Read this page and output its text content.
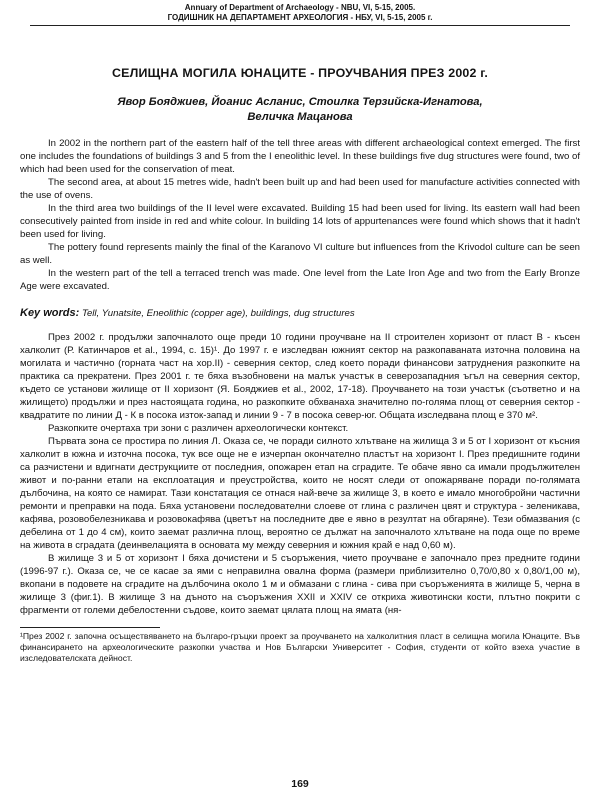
Annuary of Department of Archaeology - NBU, VI, 5-15, 2005.
ГОДИШНИК НА ДЕПАРТАМЕНТ АРХЕОЛОГИЯ - НБУ, VI, 5-15, 2005 г.
СЕЛИЩНА МОГИЛА ЮНАЦИТЕ - ПРОУЧВАНИЯ ПРЕЗ 2002 г.
Явор Бояджиев, Йоанис Асланис, Стоилка Терзийска-Игнатова,
Величка Мацанова

In 2002 in the northern part of the eastern half of the tell three areas with different archaeological context emerged. The first one includes the foundations of buildings 3 and 5 from the I eneolithic level. In these buildings five dug structures were found, two of which had been used for the conservation of meat.

The second area, at about 15 metres wide, hadn't been built up and had been used for manufacture activities connected with the use of ovens.

In the third area two buildings of the II level were excavated. Building 15 had been used for living. Its eastern wall had been consecutively painted from inside in red and white colour. In building 14 lots of appurtenances were found which shows that it hadn't been used for living.

The pottery found represents mainly the final of the Karanovo VI culture but influences from the Krivodol culture can be seen as well.

In the western part of the tell a terraced trench was made. One level from the Late Iron Age and two from the Early Bronze Age were excavated.

Key words: Tell, Yunatsite, Eneolithic (copper age), buildings, dug structures

През 2002 г. продължи започналото още преди 10 години проучване на II строителен хоризонт от пласт В - късен халколит (Р. Катинчаров et al., 1994, с. 15)¹. До 1997 г. е изследван южният сектор на разкопаваната източна половина на могилата и частично (горната част на хор.II) - северния сектор, след което поради финансови затруднения разкопките на практика са прекратени. През 2001 г. те бяха възобновени на малък участък в северозападния ъгъл на северния сектор, където се установи жилище от II хоризонт (Я. Бояджиев et al., 2002, 17-18). Проучването на този участък (съответно и на жилището) продължи и през настоящата година, но разкопките обхванаха значително по-голяма площ от северния сектор - квадратите по линии Д - К в посока изток-запад и линии 9 - 7 в посока север-юг. Общата изследвана площ е 370 м².

Разкопките очертаха три зони с различен археологически контекст.

Първата зона се простира по линия Л. Оказа се, че поради силното хлътване на жилища 3 и 5 от I хоризонт от късния халколит в южна и източна посока, тук все още не е изчерпан окончателно пластът на хоризонт I. През предишните години са разчистени и вдигнати деструкциите от последния, опожарен етап на сградите. Те обаче явно са имали продължителен живот и по-ранни етапи на експлоатация и преустройства, които не носят следи от опожаряване поради по-голямата дълбочина, на която се намират. Тази констатация се отнася най-вече за жилище 3, в което е имало многобройни частични ремонти и преправки на пода. Бяха установени последователни слоеве от глина с различен цвят и структура - зеленикава, кафява, розовобелезникава и розовокафява (цветът на последните две е явно в резултат на обгаряне). Тези обмазвания (с дебелина от 1 до 4 см), които заемат различна площ, вероятно се дължат на започналото хлътване на пода още по време на живота в сградата (деинвелацията в основата му между северния и южния край е над 0,60 м).

В жилище 3 и 5 от хоризонт I бяха дочистени и 5 съоръжения, чието проучване е започнало през предните години (1996-97 г.). Оказа се, че се касае за ями с неправилна овална форма (размери приблизително 0,70/0,80 x 0,80/1,00 м), вкопани в подовете на сградите на дълбочина около 1 м и обмазани с глина - сива при съоръженията в жилище 5, черна в жилище 3 (фиг.1). В жилище 3 на дъното на съоръжения XXII и XXIV се откриха животински кости, плътно покрити с фрагменти от големи дебелостенни съдове, които заемат цялата площ на ямата (ня-

¹През 2002 г. започна осъществяването на българо-гръцки проект за проучването на халколитния пласт в селищна могила Юнаците. Във финансирането на археологическите разкопки участва и Нов Български Университет - София, студенти от който взеха участие в изследователската дейност.
169
